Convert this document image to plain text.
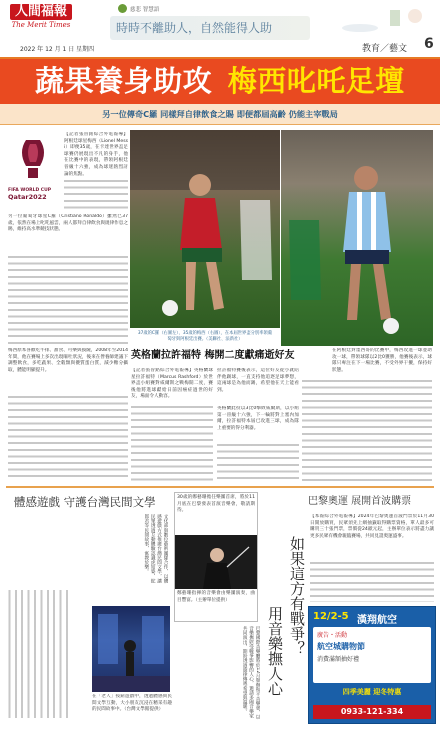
人間福報
The Merit Times
2022 年 12 月 1 日 星期四
慈悲 智慧語
時時不離助人，自然能得人助
教育／藝文 6
蔬果養身助攻 梅西叱吒足壇
另一位傳奇C羅 同樣拜自律飲食之賜 即便都屆高齡 仍能主宰戰局
FIFA WORLD CUP
Qatar2022
【記者張晉銘綜合外電報導】阿根廷球星梅西（Lionel Messi）即便35歲，在卡達世界盃足球賽仍展現出不凡的身手，他在比賽中的表現，帶領阿根廷晉級十六強，成為球迷熱烈討論的焦點。
另一位葡萄牙球星C羅（Cristiano Ronaldo）雖然已37歲，依然在場上叱吒風雲，兩人都拜自律飲食與規律作息之賜，維持高水準競技狀態。
梅西原本喜歡吃牛排、甜食、可樂與披薩，2008年至2014年間，他在賽場上多次出現嘔吐狀況，後來在營養師建議下調整飲食，多吃蔬果、全穀類與優質蛋白質，減少糖分攝取，體能明顯提升。
37歲的C羅（右圖左）、35歲的梅西（右圖），在本屆世界盃分別率領葡萄牙與阿根廷出賽。（美聯社、法新社）
英格蘭拉許福特 梅開二度獻痛逝好友	在阿根廷對墨西哥的比賽中，梅西攻進一球並助攻一球，帶領球隊以2比0獲勝，他賽後表示，球隊只專注在下一場比賽，不受外界干擾，保持好狀態。
【記者張晉銘綜合外電報導】英格蘭球星拉許福特（Marcus Rashford）於世界盃小組賽對威爾斯之戰梅開二度，賽後他將進球獻給日前因癌症過世的好友，場面令人動容。
拉許福特賽後表示，這位好友從小就陪伴他踢球，一直支持他追逐足球夢想，這兩球是為他而踢，希望他在天上能看到。
英格蘭此役以3比0擊敗威爾斯，以小組第一晉級十六強，下一輪將對上塞內加爾，拉許福特本屆已攻進三球，成為隊上重要的得分利器。
體感遊戲 守護台灣民間文學
文化部與數位藝術團隊合作，以體感遊戲方式推廣台灣民間文學，讓民眾透過互動體驗認識虎姑婆、蛇郎君等民間故事，寓教於樂。
在「老人」按鈕遊戲中，透過體感與民間文學互動，大小朋友沉浸在精采有趣的民間故事中。（台灣文學館提供）
30歲的鄭藝珊擔任樂團首席，將於11月底在巴黎發表首演音樂會，敬請期待。
鄭藝珊指揮的音樂會由樂團演奏，曲目豐富。（主辦單位提供）	如果這方有戰爭？
用音樂撫人心
巴黎國際音樂廳將於12月舉辦和平音樂會，以音樂撫慰受戰爭影響的人心，邀請多國音樂家共同演出，期盼透過旋律傳遞希望與溫暖。
巴黎奧運 展開首波購票
【本報綜合外電報導】2024年巴黎奧運首波門票於11月30日開放購買，民眾須先上網抽籤取得購票資格，單人最多可購買三十張門票，票價從24歐元起，主辦單位表示將盡力讓更多民眾有機會親臨賽場，共同見證奧運盛事。
12/2-5 漢翔航空
廣告・活動
航空城購物節
消費滿額抽好禮
四季美麗 迎冬特惠
0933-121-334
